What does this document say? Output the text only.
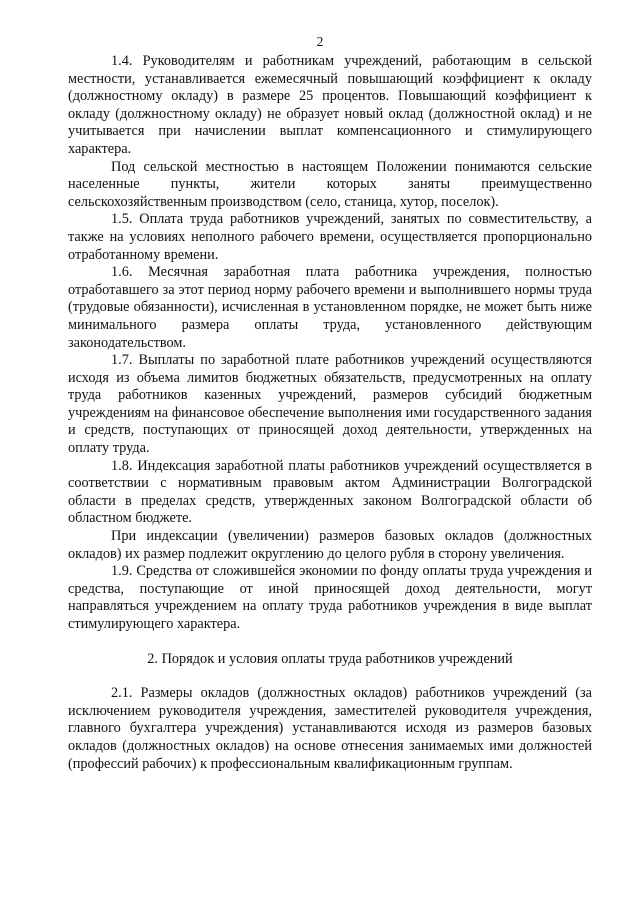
2

1.4. Руководителям и работникам учреждений, работающим в сельской местности, устанавливается ежемесячный повышающий коэффициент к окладу (должностному окладу) в размере 25 процентов. Повышающий коэффициент к окладу (должностному окладу) не образует новый оклад (должностной оклад) и не учитывается при начислении выплат компенсационного и стимулирующего характера.

Под сельской местностью в настоящем Положении понимаются сельские населенные пункты, жители которых заняты преимущественно сельскохозяйственным производством (село, станица, хутор, поселок).

1.5. Оплата труда работников учреждений, занятых по совместительству, а также на условиях неполного рабочего времени, осуществляется пропорционально отработанному времени.

1.6. Месячная заработная плата работника учреждения, полностью отработавшего за этот период норму рабочего времени и выполнившего нормы труда (трудовые обязанности), исчисленная в установленном порядке, не может быть ниже минимального размера оплаты труда, установленного действующим законодательством.

1.7. Выплаты по заработной плате работников учреждений осуществляются исходя из объема лимитов бюджетных обязательств, предусмотренных на оплату труда работников казенных учреждений, размеров субсидий бюджетным учреждениям на финансовое обеспечение выполнения ими государственного задания и средств, поступающих от приносящей доход деятельности, утвержденных на оплату труда.

1.8. Индексация заработной платы работников учреждений осуществляется в соответствии с нормативным правовым актом Администрации Волгоградской области в пределах средств, утвержденных законом Волгоградской области об областном бюджете.

При индексации (увеличении) размеров базовых окладов (должностных окладов) их размер подлежит округлению до целого рубля в сторону увеличения.

1.9. Средства от сложившейся экономии по фонду оплаты труда учреждения и средства, поступающие от иной приносящей доход деятельности, могут направляться учреждением на оплату труда работников учреждения в виде выплат стимулирующего характера.

2. Порядок и условия оплаты труда работников учреждений

2.1. Размеры окладов (должностных окладов) работников учреждений (за исключением руководителя учреждения, заместителей руководителя учреждения, главного бухгалтера учреждения) устанавливаются исходя из размеров базовых окладов (должностных окладов) на основе отнесения занимаемых ими должностей (профессий рабочих) к профессиональным квалификационным группам.
